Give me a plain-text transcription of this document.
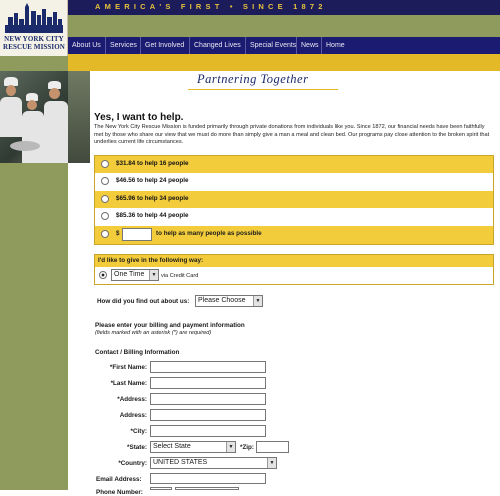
NEW YORK CITY
RESCUE MISSION
AMERICA'S FIRST • SINCE 1872
About Us	Services	Get Involved	Changed Lives	Special Events News	Home
Partnering Together
Yes, I want to help.
The New York City Rescue Mission is funded primarily through private donations from individuals like you. Since 1872, our financial needs have been faithfully met by those who share our view that we must do more than simply give a man a meal and clean bed. Our programs pay close attention to the broken spirit that underlies current life circumstances.
$31.84 to help 16 people
$46.56 to help 24 people
$65.96 to help 34 people
$85.36 to help 44 people
$	to help as many people as possible
I'd like to give in the following way:
One Time	▼ via Credit Card
How did you find out about us:	Please Choose	▼
Please enter your billing and payment information
(fields marked with an asterisk (*) are required)
Contact / Billing Information
*First Name:
*Last Name:
*Address:
Address:
*City:
*State: Select State	▼	*Zip:
*Country: UNITED STATES	▼
Email Address:
Phone Number:
